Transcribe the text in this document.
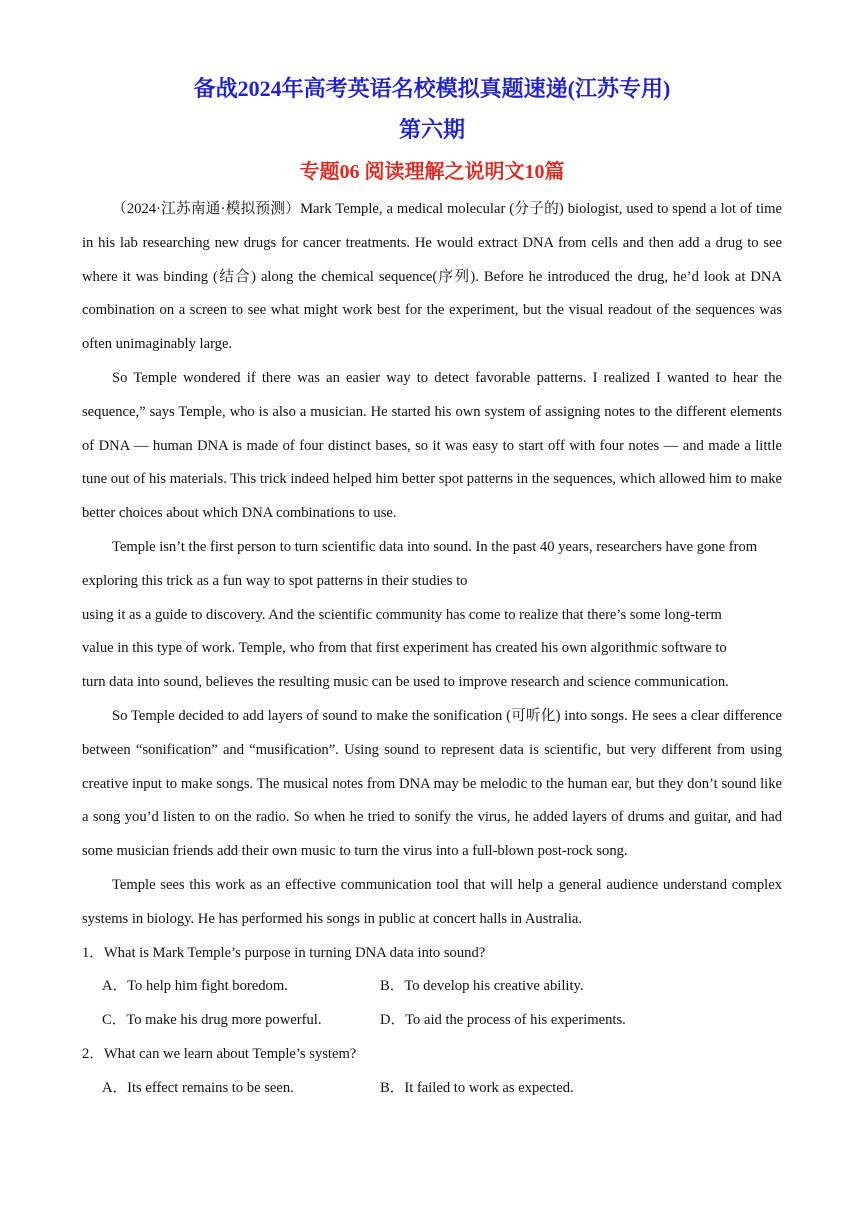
备战2024年高考英语名校模拟真题速递(江苏专用)
第六期
专题06 阅读理解之说明文10篇

（2024·江苏南通·模拟预测）Mark Temple, a medical molecular (分子的) biologist, used to spend a lot of time in his lab researching new drugs for cancer treatments. He would extract DNA from cells and then add a drug to see where it was binding (结合) along the chemical sequence(序列). Before he introduced the drug, he’d look at DNA combination on a screen to see what might work best for the experiment, but the visual readout of the sequences was often unimaginably large.

So Temple wondered if there was an easier way to detect favorable patterns. I realized I wanted to hear the sequence,” says Temple, who is also a musician. He started his own system of assigning notes to the different elements of DNA — human DNA is made of four distinct bases, so it was easy to start off with four notes — and made a little tune out of his materials. This trick indeed helped him better spot patterns in the sequences, which allowed him to make better choices about which DNA combinations to use.

Temple isn’t the first person to turn scientific data into sound. In the past 40 years, researchers have gone from exploring this trick as a fun way to spot patterns in their studies to
using it as a guide to discovery. And the scientific community has come to realize that there’s some long-term
value in this type of work. Temple, who from that first experiment has created his own algorithmic software to
turn data into sound, believes the resulting music can be used to improve research and science communication.

So Temple decided to add layers of sound to make the sonification (可听化) into songs. He sees a clear difference between “sonification” and “musification”. Using sound to represent data is scientific, but very different from using creative input to make songs. The musical notes from DNA may be melodic to the human ear, but they don’t sound like a song you’d listen to on the radio. So when he tried to sonify the virus, he added layers of drums and guitar, and had some musician friends add their own music to turn the virus into a full-blown post-rock song.

Temple sees this work as an effective communication tool that will help a general audience understand complex systems in biology. He has performed his songs in public at concert halls in Australia.

1．What is Mark Temple’s purpose in turning DNA data into sound?

A．To help him fight boredom.	B．To develop his creative ability.
C．To make his drug more powerful.	D．To aid the process of his experiments.

2．What can we learn about Temple’s system?

A．Its effect remains to be seen.	B．It failed to work as expected.
